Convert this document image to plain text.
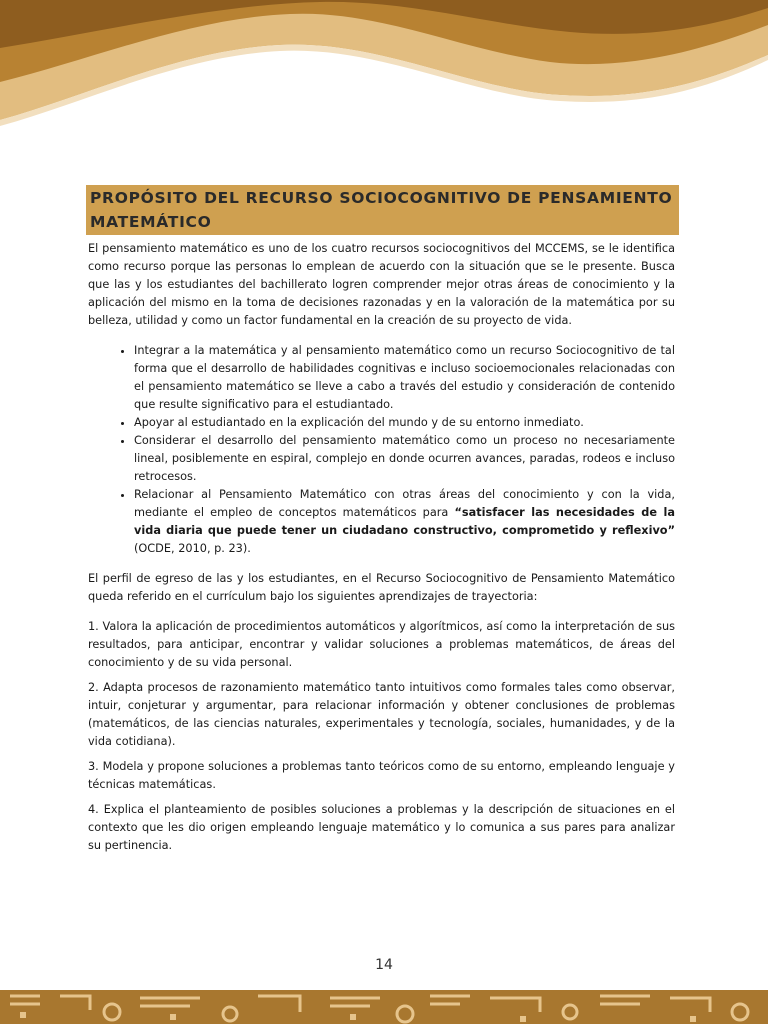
PROPÓSITO DEL RECURSO SOCIOCOGNITIVO DE PENSAMIENTO MATEMÁTICO

El pensamiento matemático es uno de los cuatro recursos sociocognitivos del MCCEMS, se le identifica como recurso porque las personas lo emplean de acuerdo con la situación que se le presente. Busca que las y los estudiantes del bachillerato logren comprender mejor otras áreas de conocimiento y la aplicación del mismo en la toma de decisiones razonadas y en la valoración de la matemática por su belleza, utilidad y como un factor fundamental en la creación de su proyecto de vida.

• Integrar a la matemática y al pensamiento matemático como un recurso Sociocognitivo de tal forma que el desarrollo de habilidades cognitivas e incluso socioemocionales relacionadas con el pensamiento matemático se lleve a cabo a través del estudio y consideración de contenido que resulte significativo para el estudiantado.
• Apoyar al estudiantado en la explicación del mundo y de su entorno inmediato.
• Considerar el desarrollo del pensamiento matemático como un proceso no necesariamente lineal, posiblemente en espiral, complejo en donde ocurren avances, paradas, rodeos e incluso retrocesos.
• Relacionar al Pensamiento Matemático con otras áreas del conocimiento y con la vida, mediante el empleo de conceptos matemáticos para “satisfacer las necesidades de la vida diaria que puede tener un ciudadano constructivo, comprometido y reflexivo” (OCDE, 2010, p. 23).

El perfil de egreso de las y los estudiantes, en el Recurso Sociocognitivo de Pensamiento Matemático queda referido en el currículum bajo los siguientes aprendizajes de trayectoria:

1. Valora la aplicación de procedimientos automáticos y algorítmicos, así como la interpretación de sus resultados, para anticipar, encontrar y validar soluciones a problemas matemáticos, de áreas del conocimiento y de su vida personal.

2. Adapta procesos de razonamiento matemático tanto intuitivos como formales tales como observar, intuir, conjeturar y argumentar, para relacionar información y obtener conclusiones de problemas (matemáticos, de las ciencias naturales, experimentales y tecnología, sociales, humanidades, y de la vida cotidiana).

3. Modela y propone soluciones a problemas tanto teóricos como de su entorno, empleando lenguaje y técnicas matemáticas.

4. Explica el planteamiento de posibles soluciones a problemas y la descripción de situaciones en el contexto que les dio origen empleando lenguaje matemático y lo comunica a sus pares para analizar su pertinencia.

14
